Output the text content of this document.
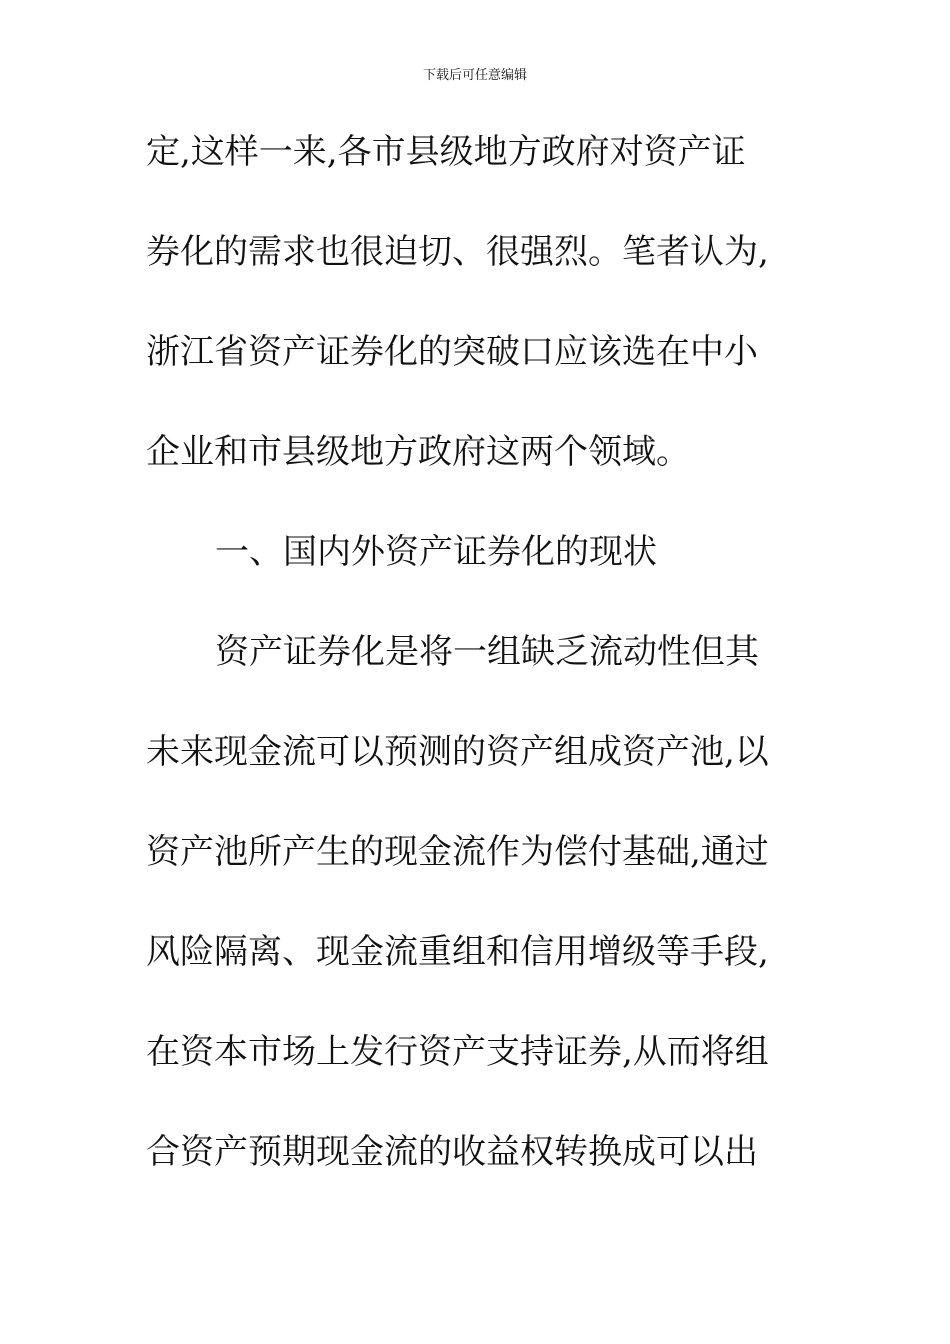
下载后可任意编辑
定,这样一来,各市县级地方政府对资产证
券化的需求也很迫切、很强烈。笔者认为,
浙江省资产证券化的突破口应该选在中小
企业和市县级地方政府这两个领域。
一、国内外资产证券化的现状
资产证券化是将一组缺乏流动性但其
未来现金流可以预测的资产组成资产池,以
资产池所产生的现金流作为偿付基础,通过
风险隔离、现金流重组和信用增级等手段,
在资本市场上发行资产支持证券,从而将组
合资产预期现金流的收益权转换成可以出
